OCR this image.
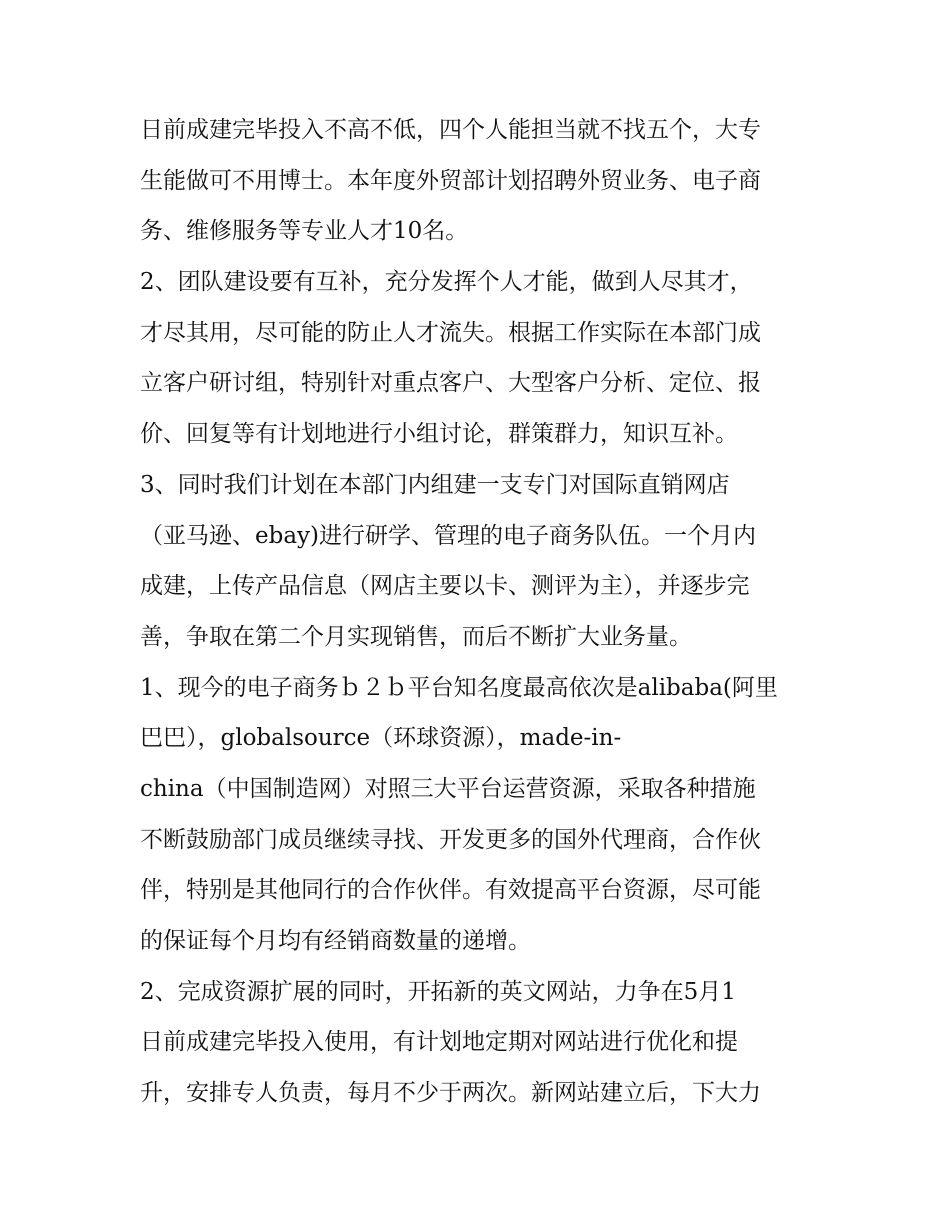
日前成建完毕投入不高不低，四个人能担当就不找五个，大专
生能做可不用博士。本年度外贸部计划招聘外贸业务、电子商
务、维修服务等专业人才10名。
2、团队建设要有互补，充分发挥个人才能，做到人尽其才，
才尽其用，尽可能的防止人才流失。根据工作实际在本部门成
立客户研讨组，特别针对重点客户、大型客户分析、定位、报
价、回复等有计划地进行小组讨论，群策群力，知识互补。
3、同时我们计划在本部门内组建一支专门对国际直销网店
（亚马逊、ebay)进行研学、管理的电子商务队伍。一个月内
成建，上传产品信息（网店主要以卡、测评为主），并逐步完
善，争取在第二个月实现销售，而后不断扩大业务量。
1、现今的电子商务ｂ２ｂ平台知名度最高依次是alibaba(阿里
巴巴），globalsource（环球资源），made-in-
china（中国制造网）对照三大平台运营资源，采取各种措施
不断鼓励部门成员继续寻找、开发更多的国外代理商，合作伙
伴，特别是其他同行的合作伙伴。有效提高平台资源，尽可能
的保证每个月均有经销商数量的递增。
2、完成资源扩展的同时，开拓新的英文网站，力争在5月1
日前成建完毕投入使用，有计划地定期对网站进行优化和提
升，安排专人负责，每月不少于两次。新网站建立后，下大力
